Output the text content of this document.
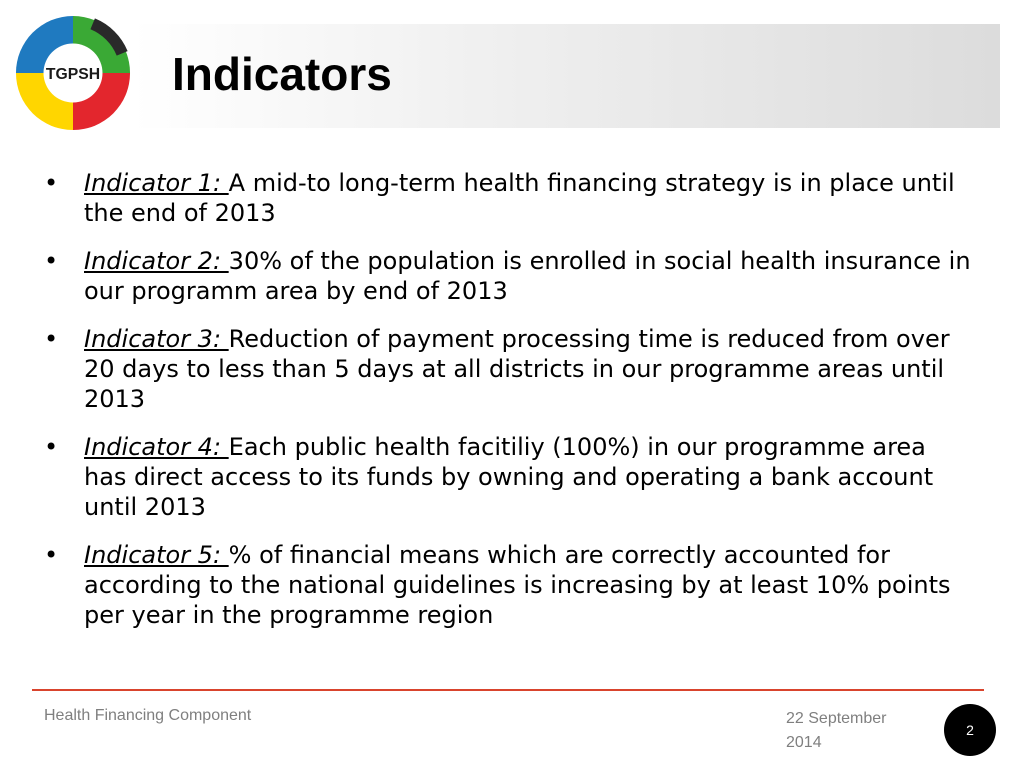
TGPSH Indicators
• Indicator 1: A mid-to long-term health financing strategy is in place until the end of 2013
• Indicator 2: 30% of the population is enrolled in social health insurance in our programm area by end of 2013
• Indicator 3: Reduction of payment processing time is reduced from over 20 days to less than 5 days at all districts in our programme areas until 2013
• Indicator 4: Each public health facitiliy (100%) in our programme area has direct access to its funds by owning and operating a bank account until 2013
• Indicator 5: % of financial means which are correctly accounted for according to the national guidelines is increasing by at least 10% points per year in the programme region
Health Financing Component	22 September 2014
2
